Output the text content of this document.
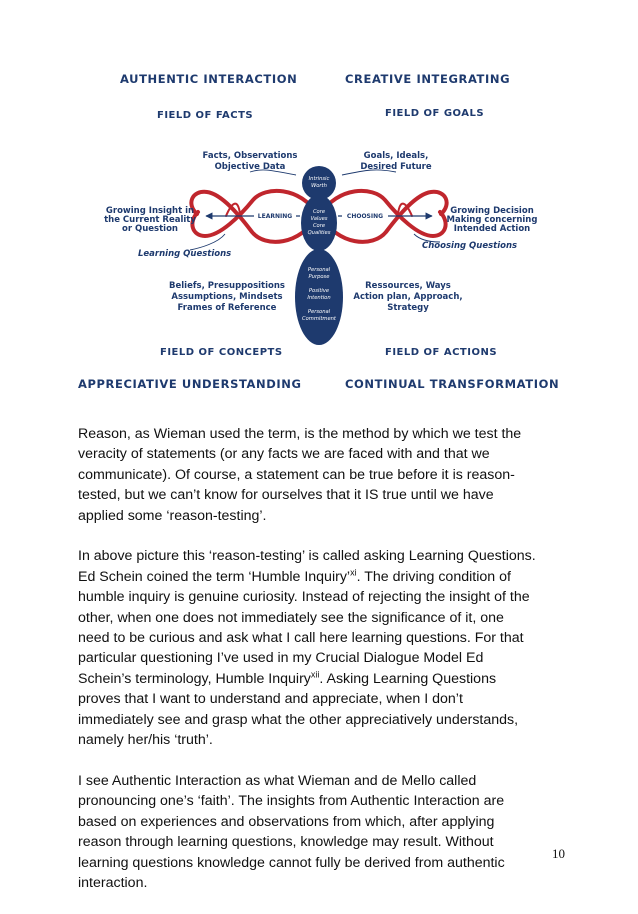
AUTHENTIC INTERACTION	CREATIVE INTEGRATING
APPRECIATIVE UNDERSTANDING	CONTINUAL TRANSFORMATION
FIELD OF FACTS	FIELD OF GOALS
FIELD OF CONCEPTS	FIELD OF ACTIONS
Intrinsic
Worth
Core
Values
Core
Qualities
Personal
Purpose
Positive
Intention
Personal
Commitment
LEARNING	CHOOSING
Facts, Observations
Objective Data
Goals, Ideals,
Desired Future
Growing Insight in
the Current Reality
or Question
Growing Decision
Making concerning
Intended Action
Learning Questions
Choosing Questions
Beliefs, Presuppositions
Assumptions, Mindsets
Frames of Reference
Ressources, Ways
Action plan, Approach,
Strategy

Reason, as Wieman used the term, is the method by which we test the
veracity of statements (or any facts we are faced with and that we
communicate). Of course, a statement can be true before it is reason-
tested, but we can’t know for ourselves that it IS true until we have
applied some ‘reason-testing’.

In above picture this ‘reason-testing’ is called asking Learning Questions.
Ed Schein coined the term ‘Humble Inquiry’$^{xi}$. The driving condition of
humble inquiry is genuine curiosity. Instead of rejecting the insight of the
other, when one does not immediately see the significance of it, one
need to be curious and ask what I call here learning questions. For that
particular questioning I’ve used in my Crucial Dialogue Model Ed
Schein’s terminology, Humble Inquiry$^{xii}$. Asking Learning Questions
proves that I want to understand and appreciate, when I don’t
immediately see and grasp what the other appreciatively understands,
namely her/his ‘truth’.

I see Authentic Interaction as what Wieman and de Mello called
pronouncing one’s ‘faith’. The insights from Authentic Interaction are
based on experiences and observations from which, after applying
reason through learning questions, knowledge may result. Without
learning questions knowledge cannot fully be derived from authentic
interaction.

10
